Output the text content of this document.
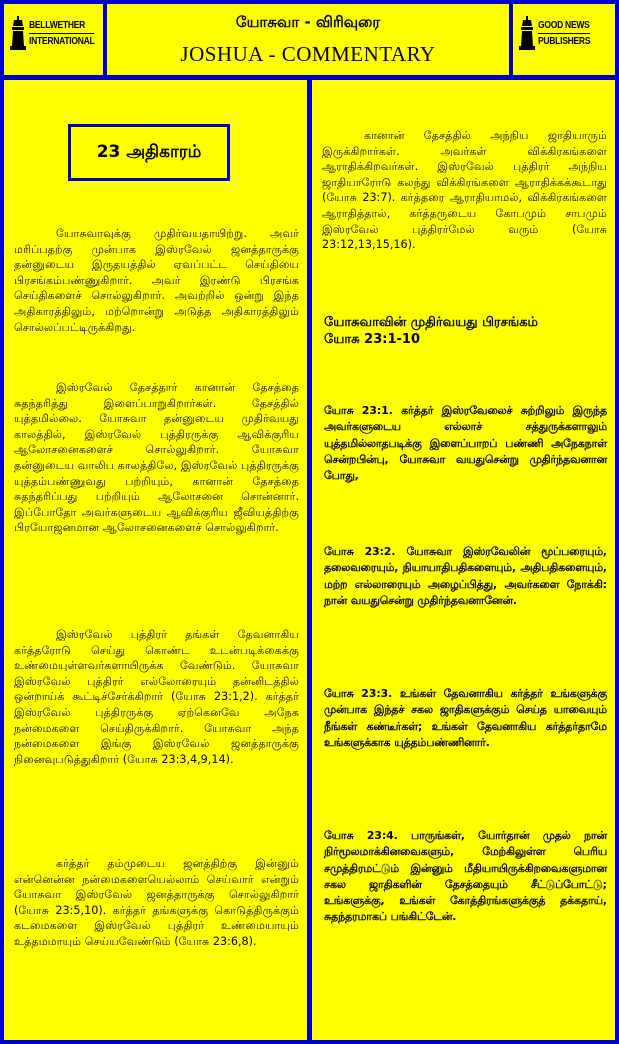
BELLWETHER
INTERNATIONAL
யோசுவா - விரிவுரை
JOSHUA - COMMENTARY
GOOD NEWS
PUBLISHERS
23 அதிகாரம்

யோசுவாவுக்கு முதிர்வயதாயிற்று. அவர் மரிப்பதற்கு முன்பாக இஸ்ரவேல் ஜனத்தாருக்கு தன்னுடைய இருதயத்தில் ஏவப்பட்ட செய்தியை பிரசங்கம்பண்ணுகிறார். அவர் இரண்டு பிரசங்க செய்திகளைச் சொல்லுகிறார். அவற்றில் ஒன்று இந்த அதிகாரத்திலும், மற்றொன்று அடுத்த அதிகாரத்திலும் சொல்லப்பட்டிருக்கிறது.

இஸ்ரவேல் தேசத்தார் கானான் தேசத்தை சுதந்தரித்து இளைப்பாறுகிறார்கள். தேசத்தில் யுத்தமில்லை. யோசுவா தன்னுடைய முதிர்வயது காலத்தில், இஸ்ரவேல் புத்திரருக்கு ஆவிக்குரிய ஆலோசனைகளைச் சொல்லுகிறார். யோசுவா தன்னுடைய வாலிப காலத்திலே, இஸ்ரவேல் புத்திரருக்கு யுத்தம்பண்ணுவது பற்றியும், கானான் தேசத்தை சுதந்தரிப்பது பற்றியும் ஆலோசனை சொன்னார். இப்போதோ அவர்களுடைய ஆவிக்குரிய ஜீவியத்திற்கு பிரயோஜனமான ஆலோசனைகளைச் சொல்லுகிறார்.

இஸ்ரவேல் புத்திரர் தங்கள் தேவனாகிய கர்த்தரோடு செய்து கொண்ட உடன்படிக்கைக்கு உண்மையுள்ளவர்களாயிருக்க வேண்டும். யோசுவா இஸ்ரவேல் புத்திரர் எல்லோரையும் தன்னிடத்தில் ஒன்றாய்க் கூட்டிச்சேர்க்கிறார் (யோசு 23:1,2). கர்த்தர் இஸ்ரவேல் புத்திரருக்கு ஏற்கெனவே அநேக நன்மைகளை செய்திருக்கிறார். யோசுவா அந்த நன்மைகளை இங்கு இஸ்ரவேல் ஜனத்தாருக்கு நினைவுபடுத்துகிறார் (யோசு 23:3,4,9,14).

கர்த்தர் தம்முடைய ஜனத்திற்கு இன்னும் என்னென்ன நன்மைகளையெல்லாம் செய்வார் என்றும் யோசுவா இஸ்ரவேல் ஜனத்தாருக்கு சொல்லுகிறார் (யோசு 23:5,10). கர்த்தர் தங்களுக்கு கொடுத்திருக்கும் கடமைகளை இஸ்ரவேல் புத்திரர் உண்மையாயும் உத்தமமாயும் செய்யவேண்டும் (யோசு 23:6,8).

கானான் தேசத்தில் அந்நிய ஜாதியாரும் இருக்கிறார்கள். அவர்கள் விக்கிரகங்களை ஆராதிக்கிறவர்கள். இஸ்ரவேல் புத்திரர் அந்நிய ஜாதியாரோடு கலந்து விக்கிரங்களை ஆராதிக்கக்கூடாது (யோசு 23:7). கர்த்தரை ஆராதியாமல், விக்கிரகங்களை ஆராதித்தால், கர்த்தருடைய கோபமும் சாபமும் இஸ்ரவேல் புத்திரர்மேல் வரும் (யோசு 23:12,13,15,16).

யோசுவாவின் முதிர்வயது பிரசங்கம்
யோசு 23:1-10

யோசு 23:1. கர்த்தர் இஸ்ரவேலைச் சுற்றிலும் இருந்த அவர்களுடைய எல்லாச் சத்துருக்களாலும் யுத்தமில்லாதபடிக்கு இளைப்பாறப் பண்ணி அநேகநாள் சென்றபின்பு, யோசுவா வயதுசென்று முதிர்ந்தவனான போது,

யோசு 23:2. யோசுவா இஸ்ரவேலின் மூப்பரையும், தலைவரையும், நியாயாதிபதிகளையும், அதிபதிகளையும், மற்ற எல்லாரையும் அழைப்பித்து, அவர்களை நோக்கி: நான் வயதுசென்று முதிர்ந்தவனானேன்.

யோசு 23:3. உங்கள் தேவனாகிய கர்த்தர் உங்களுக்கு முன்பாக இந்தச் சகல ஜாதிகளுக்கும் செய்த யாவையும் நீங்கள் கண்டீர்கள்; உங்கள் தேவனாகிய கர்த்தர்தாமே உங்களுக்காக யுத்தம்பண்ணினார்.

யோசு 23:4. பாருங்கள், யோர்தான் முதல் நான் நிர்மூலமாக்கினவைகளும், மேற்கிலுள்ள பெரிய சமுத்திரமட்டும் இன்னும் மீதியாயிருக்கிறவைகளுமான சகல ஜாதிகளின் தேசத்தையும் சீட்டுப்போட்டு; உங்களுக்கு, உங்கள் கோத்திரங்களுக்குத் தக்கதாய், சுதந்தரமாகப் பங்கிட்டேன்.
